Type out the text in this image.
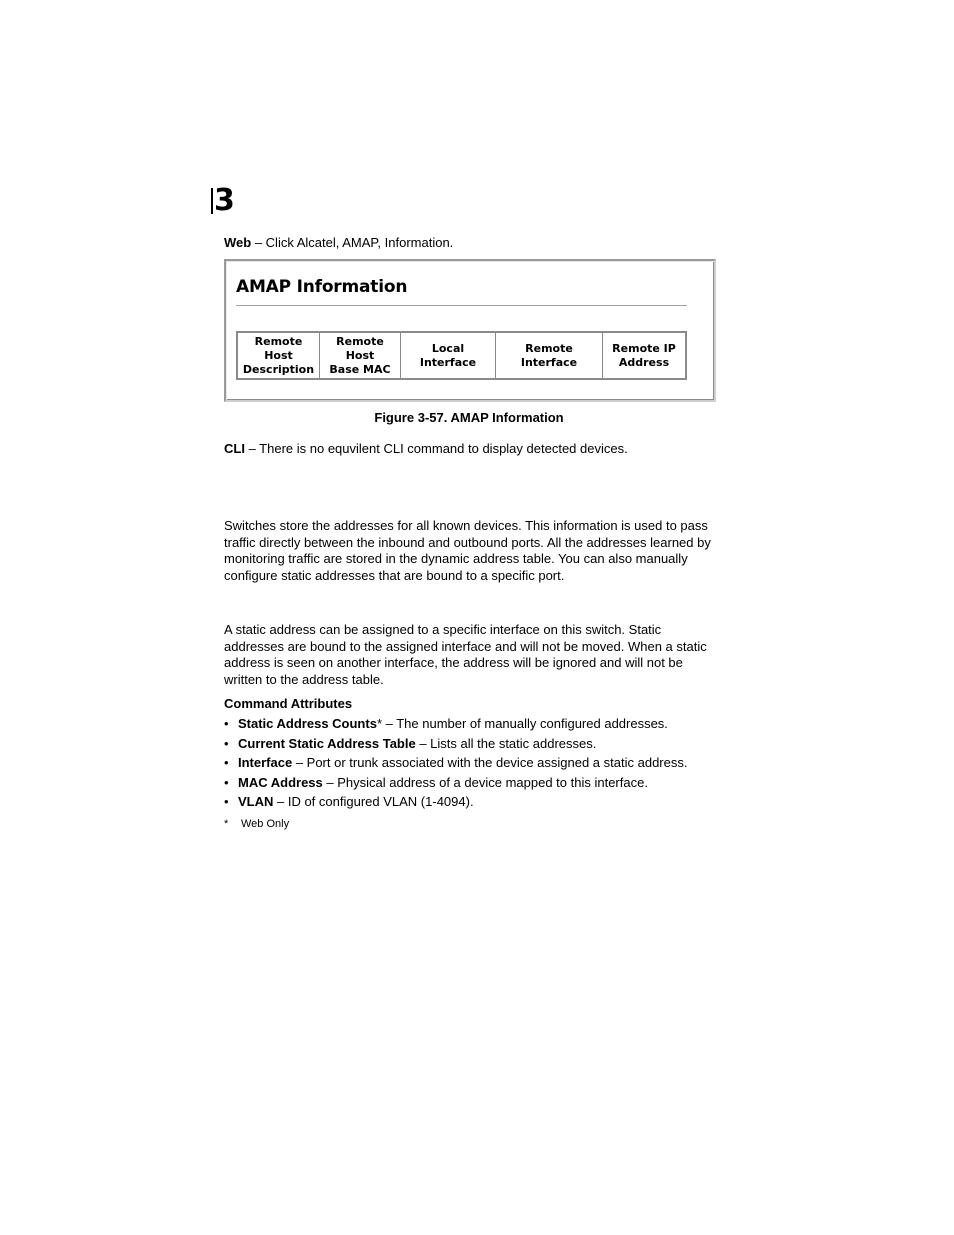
3

Web – Click Alcatel, AMAP, Information.

AMAP Information
Remote
Host
Description	Remote
Host
Base MAC	Local
Interface	Remote
Interface	Remote IP
Address
Figure 3-57. AMAP Information

CLI – There is no equvilent CLI command to display detected devices.

Switches store the addresses for all known devices. This information is used to pass traffic directly between the inbound and outbound ports. All the addresses learned by monitoring traffic are stored in the dynamic address table. You can also manually configure static addresses that are bound to a specific port.

A static address can be assigned to a specific interface on this switch. Static addresses are bound to the assigned interface and will not be moved. When a static address is seen on another interface, the address will be ignored and will not be written to the address table.

Command Attributes

• Static Address Counts* – The number of manually configured addresses.
• Current Static Address Table – Lists all the static addresses.
• Interface – Port or trunk associated with the device assigned a static address.
• MAC Address – Physical address of a device mapped to this interface.
• VLAN – ID of configured VLAN (1-4094).
* Web Only
